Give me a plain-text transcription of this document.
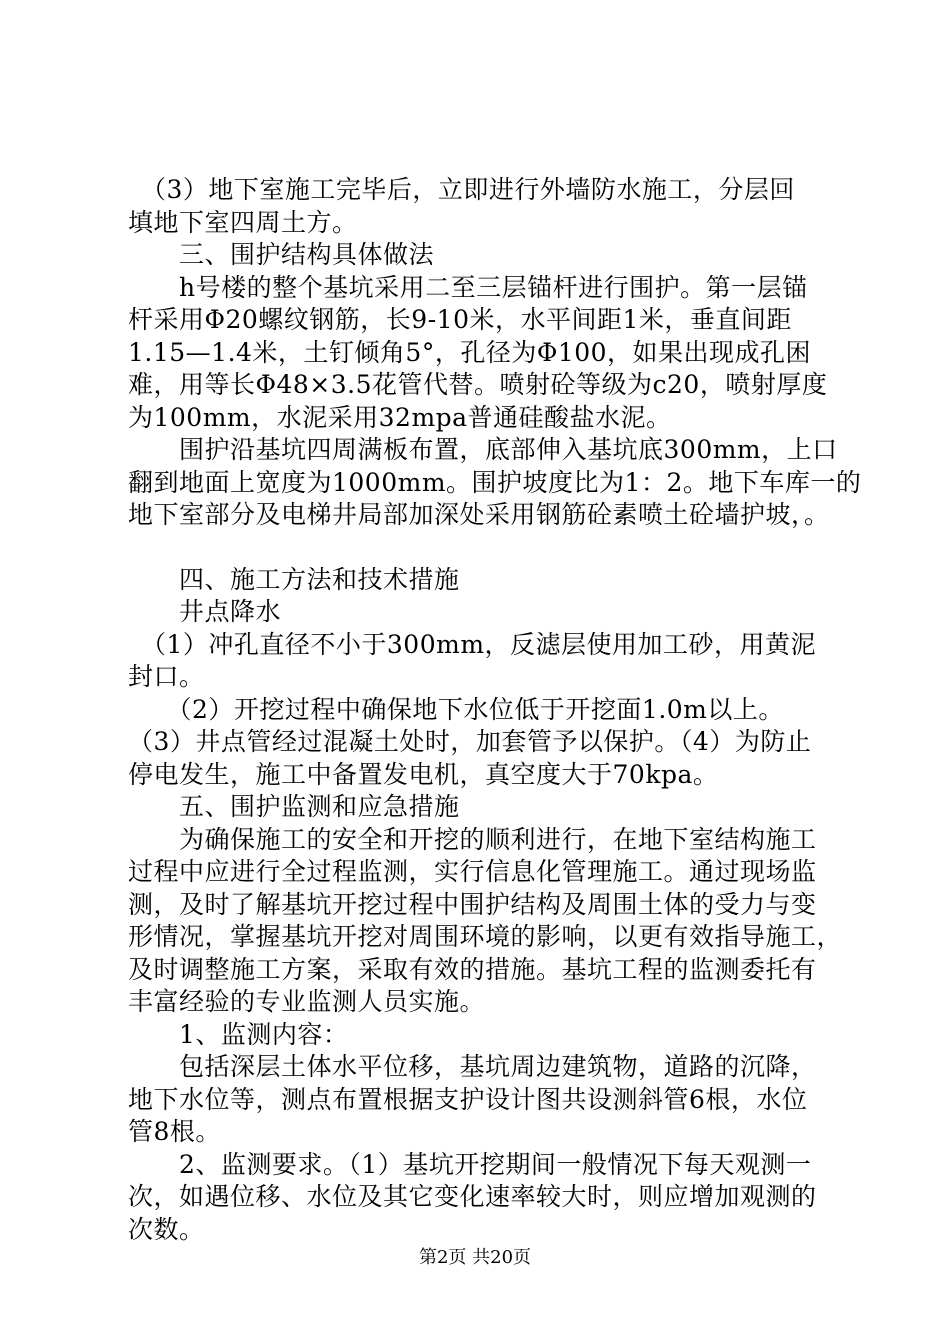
　（3）地下室施工完毕后，立即进行外墙防水施工，分层回

填地下室四周土方。

　　三、围护结构具体做法

　　h号楼的整个基坑采用二至三层锚杆进行围护。第一层锚

杆采用Φ20螺纹钢筋，长9-10米，水平间距1米，垂直间距

1.15—1.4米，土钉倾角5°，孔径为Φ100，如果出现成孔困

难，用等长Φ48×3.5花管代替。喷射砼等级为c20，喷射厚度

为100mm，水泥采用32mpa普通硅酸盐水泥。

　　围护沿基坑四周满板布置，底部伸入基坑底300mm，上口

翻到地面上宽度为1000mm。围护坡度比为1：2。地下车库一的

地下室部分及电梯井局部加深处采用钢筋砼素喷土砼墙护坡，。

　　四、施工方法和技术措施

　　井点降水

　（1）冲孔直径不小于300mm，反滤层使用加工砂，用黄泥

封口。

　　（2）开挖过程中确保地下水位低于开挖面1.0m以上。

（3）井点管经过混凝土处时，加套管予以保护。（4）为防止

停电发生，施工中备置发电机，真空度大于70kpa。

　　五、围护监测和应急措施

　　为确保施工的安全和开挖的顺利进行，在地下室结构施工

过程中应进行全过程监测，实行信息化管理施工。通过现场监

测，及时了解基坑开挖过程中围护结构及周围土体的受力与变

形情况，掌握基坑开挖对周围环境的影响，以更有效指导施工，

及时调整施工方案，采取有效的措施。基坑工程的监测委托有

丰富经验的专业监测人员实施。

　　1、监测内容：

　　包括深层土体水平位移，基坑周边建筑物，道路的沉降，

地下水位等，测点布置根据支护设计图共设测斜管6根，水位

管8根。

　　2、监测要求。（1）基坑开挖期间一般情况下每天观测一

次，如遇位移、水位及其它变化速率较大时，则应增加观测的

次数。

第2页 共20页
